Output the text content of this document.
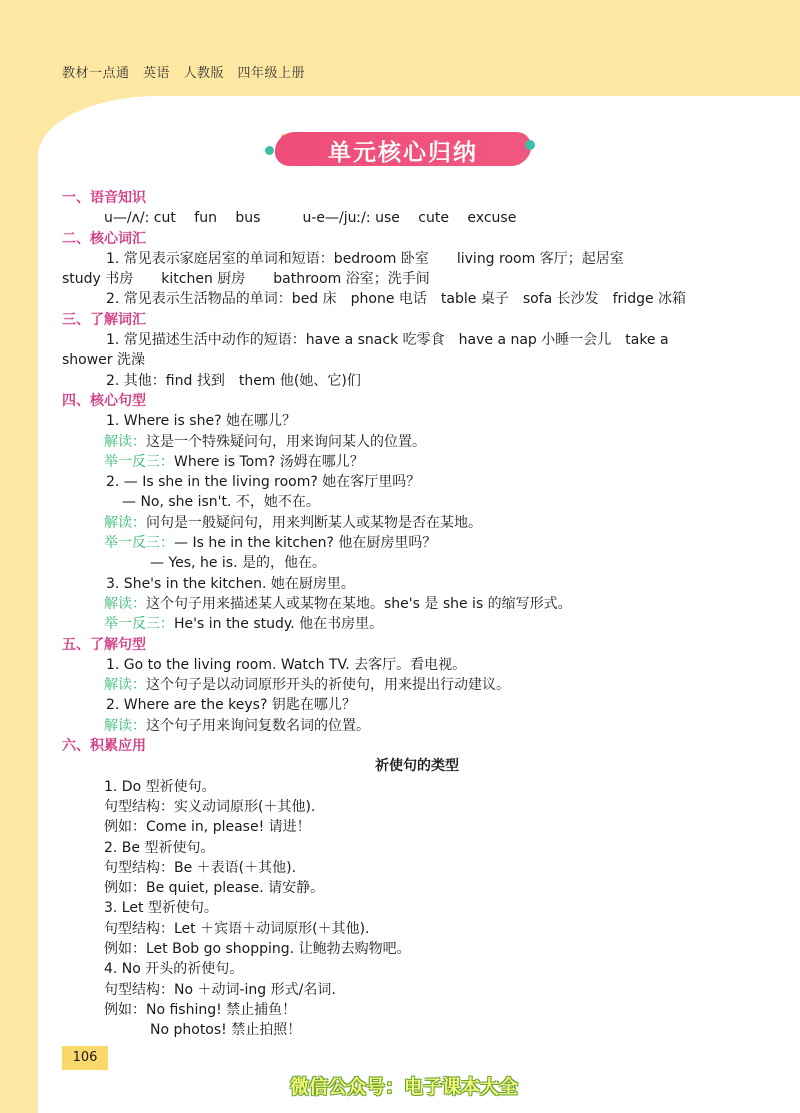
教材一点通　英语　人教版　四年级上册
单元核心归纳
一、语音知识
u—/ʌ/: cut　 fun　 bus　　　u-e—/juː/: use　 cute　 excuse
二、核心词汇
1. 常见表示家庭居室的单词和短语：bedroom 卧室　　living room 客厅；起居室
study 书房　　kitchen 厨房　　bathroom 浴室；洗手间
2. 常见表示生活物品的单词：bed 床　phone 电话　table 桌子　sofa 长沙发　fridge 冰箱
三、了解词汇
1. 常见描述生活中动作的短语：have a snack 吃零食　have a nap 小睡一会儿　take a
shower 洗澡
2. 其他：find 找到　them 他(她、它)们
四、核心句型
1. Where is she? 她在哪儿？
解读：这是一个特殊疑问句，用来询问某人的位置。
举一反三：Where is Tom? 汤姆在哪儿？
2. — Is she in the living room? 她在客厅里吗？
— No, she isn't. 不，她不在。
解读：问句是一般疑问句，用来判断某人或某物是否在某地。
举一反三：— Is he in the kitchen? 他在厨房里吗？
— Yes, he is. 是的，他在。
3. She's in the kitchen. 她在厨房里。
解读：这个句子用来描述某人或某物在某地。she's 是 she is 的缩写形式。
举一反三：He's in the study. 他在书房里。
五、了解句型
1. Go to the living room. Watch TV. 去客厅。看电视。
解读：这个句子是以动词原形开头的祈使句，用来提出行动建议。
2. Where are the keys? 钥匙在哪儿？
解读：这个句子用来询问复数名词的位置。
六、积累应用
祈使句的类型
1. Do 型祈使句。
句型结构：实义动词原形(＋其他).
例如：Come in, please! 请进！
2. Be 型祈使句。
句型结构：Be ＋表语(＋其他).
例如：Be quiet, please. 请安静。
3. Let 型祈使句。
句型结构：Let ＋宾语＋动词原形(＋其他).
例如：Let Bob go shopping. 让鲍勃去购物吧。
4. No 开头的祈使句。
句型结构：No ＋动词-ing 形式/名词.
例如：No fishing! 禁止捕鱼！
No photos! 禁止拍照！
106
微信公众号：电子课本大全
